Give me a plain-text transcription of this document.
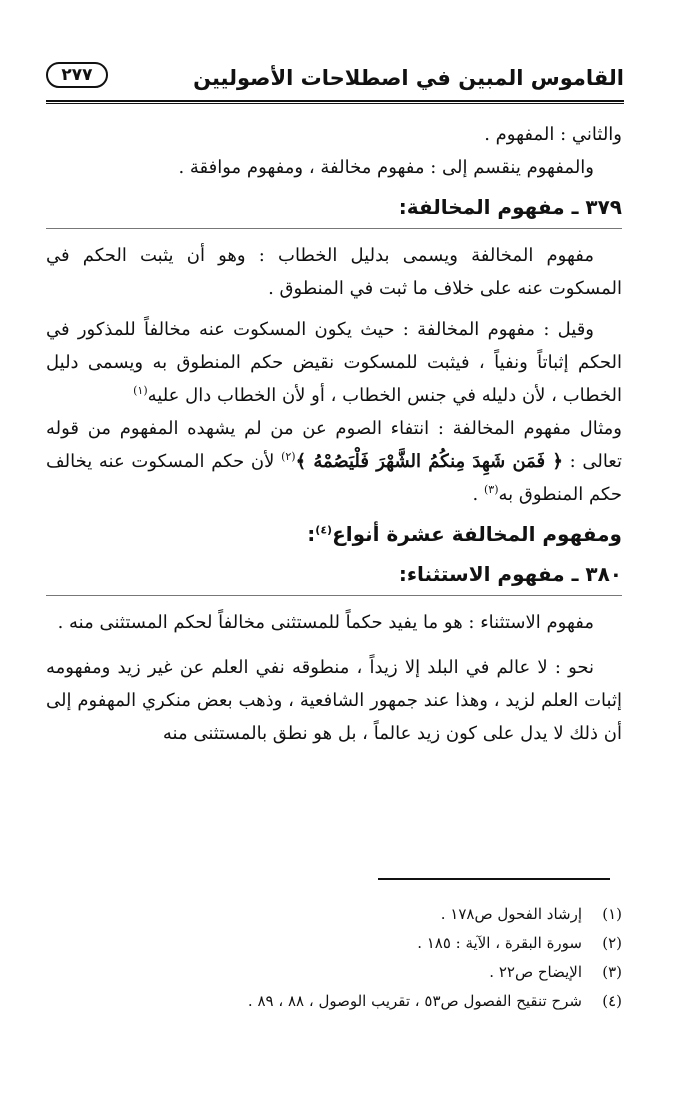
القاموس المبين في اصطلاحات الأصوليين
٢٧٧

والثاني : المفهوم .

والمفهوم ينقسم إلى : مفهوم مخالفة ، ومفهوم موافقة .

٣٧٩ ـ مفهوم المخالفة:

مفهوم المخالفة ويسمى بدليل الخطاب : وهو أن يثبت الحكم في المسكوت عنه على خلاف ما ثبت في المنطوق .

وقيل : مفهوم المخالفة : حيث يكون المسكوت عنه مخالفاً للمذكور في الحكم إثباتاً ونفياً ، فيثبت للمسكوت نقيض حكم المنطوق به ويسمى دليل الخطاب ، لأن دليله في جنس الخطاب ، أو لأن الخطاب دال عليه$^{(١)}$

ومثال مفهوم المخالفة : انتفاء الصوم عن من لم يشهده المفهوم من قوله تعالى : ﴿ فَمَن شَهِدَ مِنكُمُ الشَّهْرَ فَلْيَصُمْهُ ﴾$^{(٢)}$ لأن حكم المسكوت عنه يخالف حكم المنطوق به$^{(٣)}$ .

ومفهوم المخالفة عشرة أنواع$^{(٤)}$:
٣٨٠ ـ مفهوم الاستثناء:

مفهوم الاستثناء : هو ما يفيد حكماً للمستثنى مخالفاً لحكم المستثنى منه .

نحو : لا عالم في البلد إلا زيداً ، منطوقه نفي العلم عن غير زيد ومفهومه إثبات العلم لزيد ، وهذا عند جمهور الشافعية ، وذهب بعض منكري المهفوم إلى أن ذلك لا يدل على كون زيد عالماً ، بل هو نطق بالمستثنى منه

(١)إرشاد الفحول ص١٧٨ .

(٢)سورة البقرة ، الآية : ١٨٥ .

(٣)الإيضاح ص٢٢ .

(٤)شرح تنقيح الفصول ص٥٣ ، تقريب الوصول ، ٨٨ ، ٨٩ .
